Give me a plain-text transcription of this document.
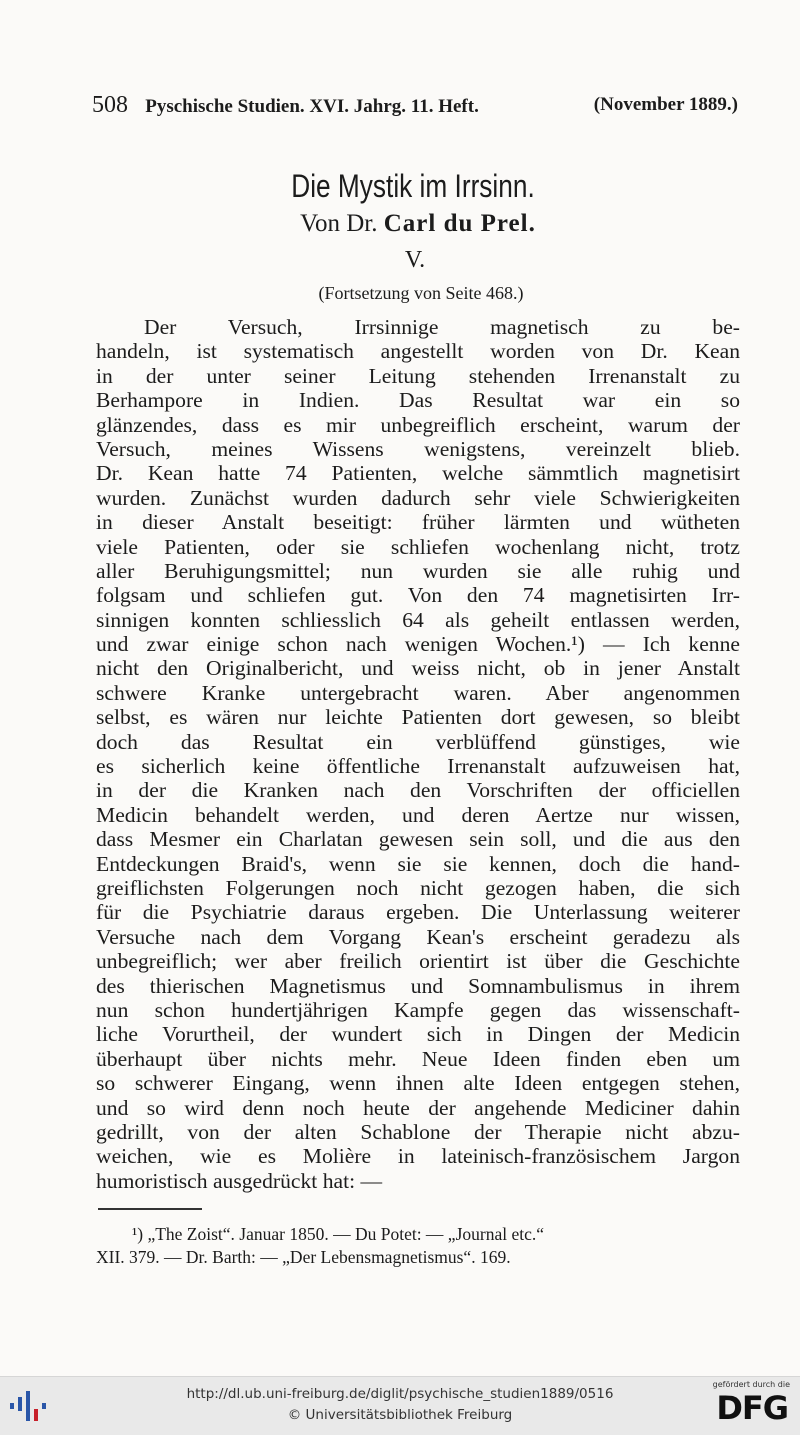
508 Pyschische Studien. XVI. Jahrg. 11. Heft.	(November 1889.)
Die Mystik im Irrsinn.
Von Dr. Carl du Prel.
V.
(Fortsetzung von Seite 468.)
Der Versuch, Irrsinnige magnetisch zu be-
handeln, ist systematisch angestellt worden von Dr. Kean
in der unter seiner Leitung stehenden Irrenanstalt zu
Berhampore in Indien. Das Resultat war ein so
glänzendes, dass es mir unbegreiflich erscheint, warum der
Versuch, meines Wissens wenigstens, vereinzelt blieb.
Dr. Kean hatte 74 Patienten, welche sämmtlich magnetisirt
wurden. Zunächst wurden dadurch sehr viele Schwierigkeiten
in dieser Anstalt beseitigt: früher lärmten und wütheten
viele Patienten, oder sie schliefen wochenlang nicht, trotz
aller Beruhigungsmittel; nun wurden sie alle ruhig und
folgsam und schliefen gut. Von den 74 magnetisirten Irr-
sinnigen konnten schliesslich 64 als geheilt entlassen werden,
und zwar einige schon nach wenigen Wochen.¹) — Ich kenne
nicht den Originalbericht, und weiss nicht, ob in jener Anstalt
schwere Kranke untergebracht waren. Aber angenommen
selbst, es wären nur leichte Patienten dort gewesen, so bleibt
doch das Resultat ein verblüffend günstiges, wie
es sicherlich keine öffentliche Irrenanstalt aufzuweisen hat,
in der die Kranken nach den Vorschriften der officiellen
Medicin behandelt werden, und deren Aertze nur wissen,
dass Mesmer ein Charlatan gewesen sein soll, und die aus den
Entdeckungen Braid's, wenn sie sie kennen, doch die hand-
greiflichsten Folgerungen noch nicht gezogen haben, die sich
für die Psychiatrie daraus ergeben. Die Unterlassung weiterer
Versuche nach dem Vorgang Kean's erscheint geradezu als
unbegreiflich; wer aber freilich orientirt ist über die Geschichte
des thierischen Magnetismus und Somnambulismus in ihrem
nun schon hundertjährigen Kampfe gegen das wissenschaft-
liche Vorurtheil, der wundert sich in Dingen der Medicin
überhaupt über nichts mehr. Neue Ideen finden eben um
so schwerer Eingang, wenn ihnen alte Ideen entgegen stehen,
und so wird denn noch heute der angehende Mediciner dahin
gedrillt, von der alten Schablone der Therapie nicht abzu-
weichen, wie es Molière in lateinisch-französischem Jargon
humoristisch ausgedrückt hat: —
¹) „The Zoist“. Januar 1850. — Du Potet: — „Journal etc.“
XII. 379. — Dr. Barth: — „Der Lebensmagnetismus“. 169.
http://dl.ub.uni-freiburg.de/diglit/psychische_studien1889/0516
© Universitätsbibliothek Freiburg
gefördert durch die
DFG
